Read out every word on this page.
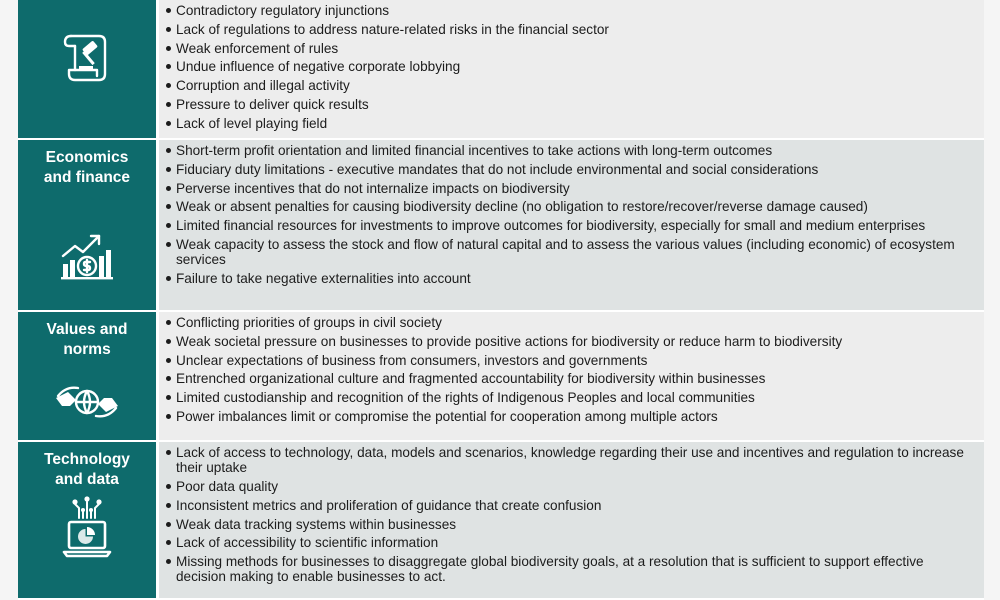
Contradictory regulatory injunctions
Lack of regulations to address nature-related risks in the financial sector
Weak enforcement of rules
Undue influence of negative corporate lobbying
Corruption and illegal activity
Pressure to deliver quick results
Lack of level playing field
Economics
and finance
Short-term profit orientation and limited financial incentives to take actions with long-term outcomes
Fiduciary duty limitations - executive mandates that do not include environmental and social considerations
Perverse incentives that do not internalize impacts on biodiversity
Weak or absent penalties for causing biodiversity decline (no obligation to restore/recover/reverse damage caused)
Limited financial resources for investments to improve outcomes for biodiversity, especially for small and medium enterprises
Weak capacity to assess the stock and flow of natural capital and to assess the various values (including economic) of ecosystem services
Failure to take negative externalities into account
Values and
norms
Conflicting priorities of groups in civil society
Weak societal pressure on businesses to provide positive actions for biodiversity or reduce harm to biodiversity
Unclear expectations of business from consumers, investors and governments
Entrenched organizational culture and fragmented accountability for biodiversity within businesses
Limited custodianship and recognition of the rights of Indigenous Peoples and local communities
Power imbalances limit or compromise the potential for cooperation among multiple actors
Technology
and data
Lack of access to technology, data, models and scenarios, knowledge regarding their use and incentives and regulation to increase their uptake
Poor data quality
Inconsistent metrics and proliferation of guidance that create confusion
Weak data tracking systems within businesses
Lack of accessibility to scientific information
Missing methods for businesses to disaggregate global biodiversity goals, at a resolution that is sufficient to support effective decision making to enable businesses to act.
